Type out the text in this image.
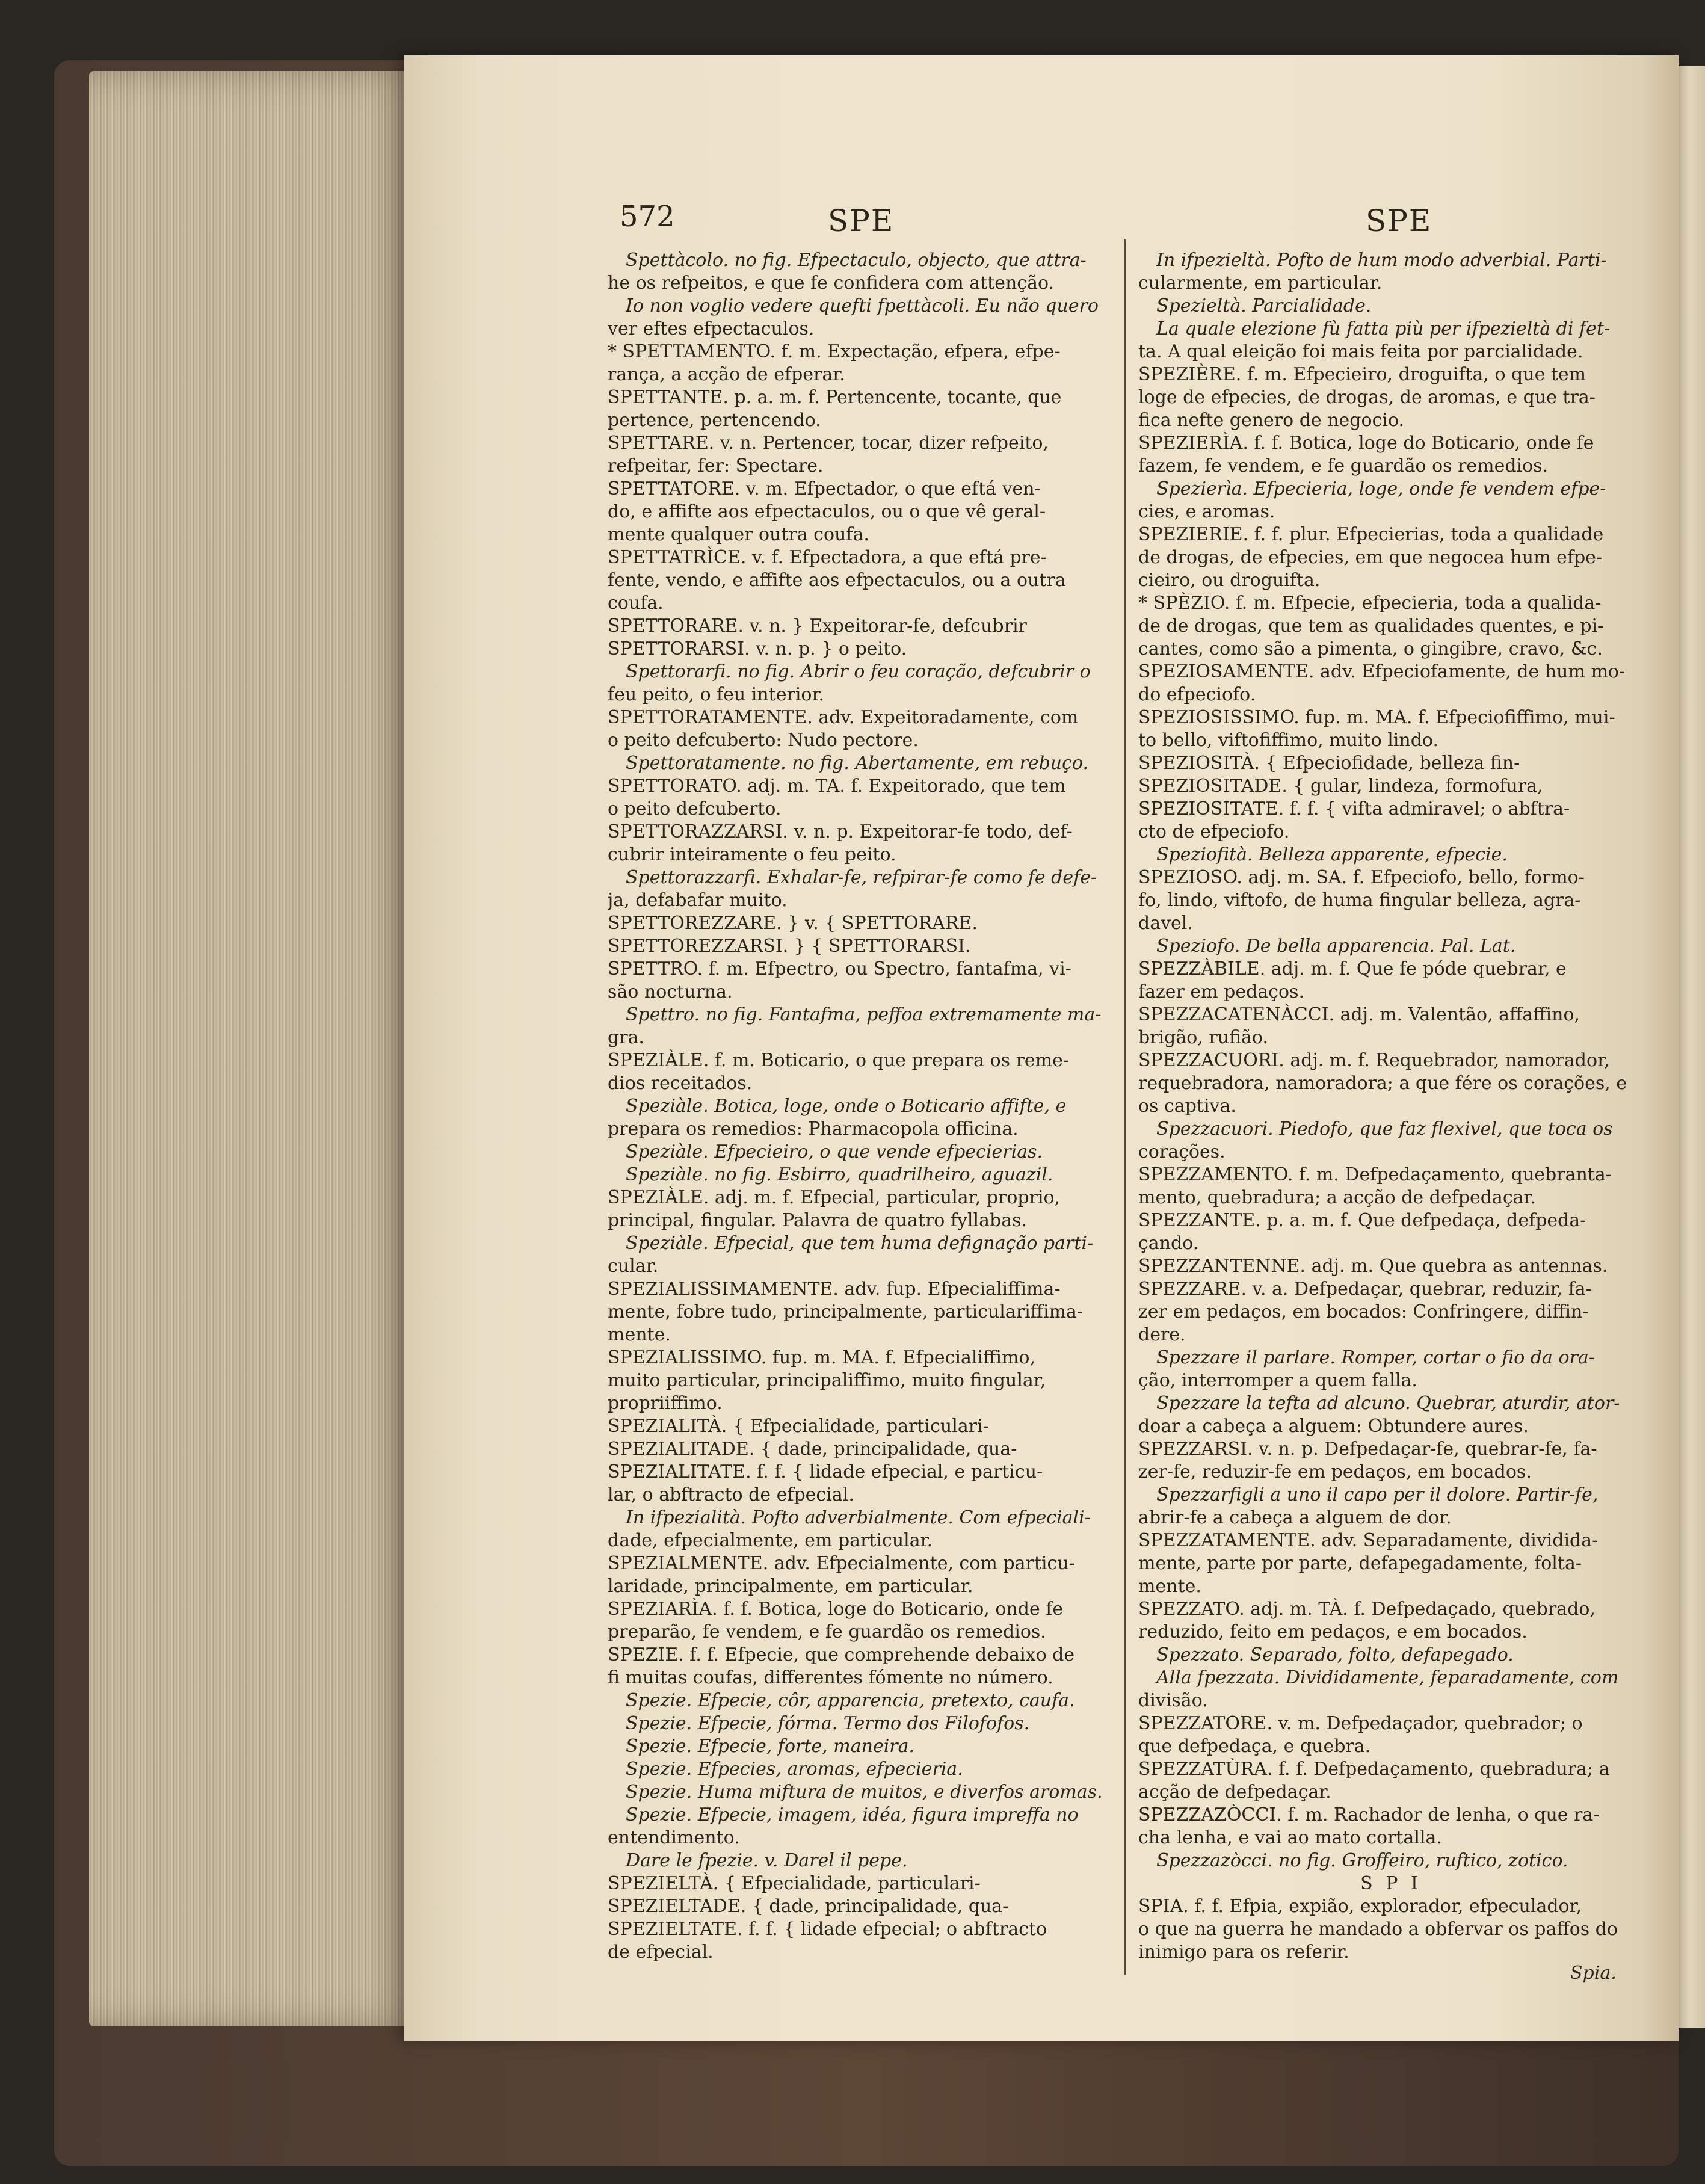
572	SPE	SPE
Spettàcolo. no fig. Efpectaculo, objecto, que attra-
he os refpeitos, e que fe confidera com attenção.
Io non voglio vedere quefti fpettàcoli. Eu não quero
ver eftes efpectaculos.
* SPETTAMENTO. f. m. Expectação, efpera, efpe-
rança, a acção de efperar.
SPETTANTE. p. a. m. f. Pertencente, tocante, que
pertence, pertencendo.
SPETTARE. v. n. Pertencer, tocar, dizer refpeito,
refpeitar, fer: Spectare.
SPETTATORE. v. m. Efpectador, o que eftá ven-
do, e affifte aos efpectaculos, ou o que vê geral-
mente qualquer outra coufa.
SPETTATRÌCE. v. f. Efpectadora, a que eftá pre-
fente, vendo, e affifte aos efpectaculos, ou a outra
coufa.
SPETTORARE. v. n. } Expeitorar-fe, defcubrir
SPETTORARSI. v. n. p. } o peito.
Spettorarfi. no fig. Abrir o feu coração, defcubrir o
feu peito, o feu interior.
SPETTORATAMENTE. adv. Expeitoradamente, com
o peito defcuberto: Nudo pectore.
Spettoratamente. no fig. Abertamente, em rebuço.
SPETTORATO. adj. m. TA. f. Expeitorado, que tem
o peito defcuberto.
SPETTORAZZARSI. v. n. p. Expeitorar-fe todo, def-
cubrir inteiramente o feu peito.
Spettorazzarfi. Exhalar-fe, refpirar-fe como fe defe-
ja, defabafar muito.
SPETTOREZZARE. } v. { SPETTORARE.
SPETTOREZZARSI. } { SPETTORARSI.
SPETTRO. f. m. Efpectro, ou Spectro, fantafma, vi-
são nocturna.
Spettro. no fig. Fantafma, peffoa extremamente ma-
gra.
SPEZIÀLE. f. m. Boticario, o que prepara os reme-
dios receitados.
Speziàle. Botica, loge, onde o Boticario affifte, e
prepara os remedios: Pharmacopola officina.
Speziàle. Efpecieiro, o que vende efpecierias.
Speziàle. no fig. Esbirro, quadrilheiro, aguazil.
SPEZIÀLE. adj. m. f. Efpecial, particular, proprio,
principal, fingular. Palavra de quatro fyllabas.
Speziàle. Efpecial, que tem huma defignação parti-
cular.
SPEZIALISSIMAMENTE. adv. fup. Efpecialiffima-
mente, fobre tudo, principalmente, particulariffima-
mente.
SPEZIALISSIMO. fup. m. MA. f. Efpecialiffimo,
muito particular, principaliffimo, muito fingular,
propriiffimo.
SPEZIALITÀ. { Efpecialidade, particulari-
SPEZIALITADE. { dade, principalidade, qua-
SPEZIALITATE. f. f. { lidade efpecial, e particu-
lar, o abftracto de efpecial.
In ifpezialità. Pofto adverbialmente. Com efpeciali-
dade, efpecialmente, em particular.
SPEZIALMENTE. adv. Efpecialmente, com particu-
laridade, principalmente, em particular.
SPEZIARÌA. f. f. Botica, loge do Boticario, onde fe
preparão, fe vendem, e fe guardão os remedios.
SPEZIE. f. f. Efpecie, que comprehende debaixo de
fi muitas coufas, differentes fómente no número.
Spezie. Efpecie, côr, apparencia, pretexto, caufa.
Spezie. Efpecie, fórma. Termo dos Filofofos.
Spezie. Efpecie, forte, maneira.
Spezie. Efpecies, aromas, efpecieria.
Spezie. Huma miftura de muitos, e diverfos aromas.
Spezie. Efpecie, imagem, idéa, figura impreffa no
entendimento.
Dare le fpezie. v. Darel il pepe.
SPEZIELTÀ. { Efpecialidade, particulari-
SPEZIELTADE. { dade, principalidade, qua-
SPEZIELTATE. f. f. { lidade efpecial; o abftracto
de efpecial.
In ifpezieltà. Pofto de hum modo adverbial. Parti-
cularmente, em particular.
Spezieltà. Parcialidade.
La quale elezione fù fatta più per ifpezieltà di fet-
ta. A qual eleição foi mais feita por parcialidade.
SPEZIÈRE. f. m. Efpecieiro, droguifta, o que tem
loge de efpecies, de drogas, de aromas, e que tra-
fica nefte genero de negocio.
SPEZIERÌA. f. f. Botica, loge do Boticario, onde fe
fazem, fe vendem, e fe guardão os remedios.
Spezierìa. Efpecieria, loge, onde fe vendem efpe-
cies, e aromas.
SPEZIERIE. f. f. plur. Efpecierias, toda a qualidade
de drogas, de efpecies, em que negocea hum efpe-
cieiro, ou droguifta.
* SPÈZIO. f. m. Efpecie, efpecieria, toda a qualida-
de de drogas, que tem as qualidades quentes, e pi-
cantes, como são a pimenta, o gingibre, cravo, &c.
SPEZIOSAMENTE. adv. Efpeciofamente, de hum mo-
do efpeciofo.
SPEZIOSISSIMO. fup. m. MA. f. Efpeciofiffimo, mui-
to bello, viftofiffimo, muito lindo.
SPEZIOSITÀ. { Efpeciofidade, belleza fin-
SPEZIOSITADE. { gular, lindeza, formofura,
SPEZIOSITATE. f. f. { vifta admiravel; o abftra-
cto de efpeciofo.
Speziofità. Belleza apparente, efpecie.
SPEZIOSO. adj. m. SA. f. Efpeciofo, bello, formo-
fo, lindo, viftofo, de huma fingular belleza, agra-
davel.
Speziofo. De bella apparencia. Pal. Lat.
SPEZZÀBILE. adj. m. f. Que fe póde quebrar, e
fazer em pedaços.
SPEZZACATENÀCCI. adj. m. Valentão, affaffino,
brigão, rufião.
SPEZZACUORI. adj. m. f. Requebrador, namorador,
requebradora, namoradora; a que fére os corações, e
os captiva.
Spezzacuori. Piedofo, que faz flexivel, que toca os
corações.
SPEZZAMENTO. f. m. Defpedaçamento, quebranta-
mento, quebradura; a acção de defpedaçar.
SPEZZANTE. p. a. m. f. Que defpedaça, defpeda-
çando.
SPEZZANTENNE. adj. m. Que quebra as antennas.
SPEZZARE. v. a. Defpedaçar, quebrar, reduzir, fa-
zer em pedaços, em bocados: Confringere, diffin-
dere.
Spezzare il parlare. Romper, cortar o fio da ora-
ção, interromper a quem falla.
Spezzare la tefta ad alcuno. Quebrar, aturdir, ator-
doar a cabeça a alguem: Obtundere aures.
SPEZZARSI. v. n. p. Defpedaçar-fe, quebrar-fe, fa-
zer-fe, reduzir-fe em pedaços, em bocados.
Spezzarfigli a uno il capo per il dolore. Partir-fe,
abrir-fe a cabeça a alguem de dor.
SPEZZATAMENTE. adv. Separadamente, dividida-
mente, parte por parte, defapegadamente, folta-
mente.
SPEZZATO. adj. m. TÀ. f. Defpedaçado, quebrado,
reduzido, feito em pedaços, e em bocados.
Spezzato. Separado, folto, defapegado.
Alla fpezzata. Divididamente, feparadamente, com
divisão.
SPEZZATORE. v. m. Defpedaçador, quebrador; o
que defpedaça, e quebra.
SPEZZATÙRA. f. f. Defpedaçamento, quebradura; a
acção de defpedaçar.
SPEZZAZÒCCI. f. m. Rachador de lenha, o que ra-
cha lenha, e vai ao mato cortalla.
Spezzazòcci. no fig. Groffeiro, ruftico, zotico.
S P I
SPIA. f. f. Efpia, expião, explorador, efpeculador,
o que na guerra he mandado a obfervar os paffos do
inimigo para os referir.
Spia.
